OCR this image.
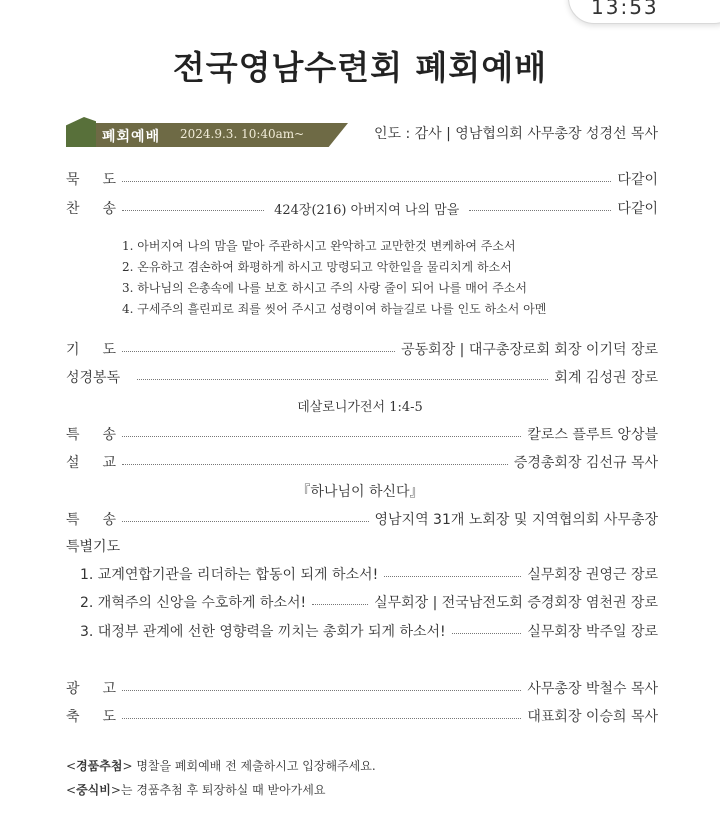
13:53
전국영남수련회 폐회예배
폐회예배 2024.9.3. 10:40am~	인도 : 감사 | 영남협의회 사무총장 성경선 목사
묵 도	다같이
찬 송	424장(216) 아버지여 나의 맘을	다같이
1. 아버지여 나의 맘을 맡아 주관하시고 완악하고 교만한것 변케하여 주소서
2. 온유하고 겸손하여 화평하게 하시고 망령되고 악한일을 물리치게 하소서
3. 하나님의 은총속에 나를 보호 하시고 주의 사랑 줄이 되어 나를 매어 주소서
4. 구세주의 흘린피로 죄를 씻어 주시고 성령이여 하늘길로 나를 인도 하소서 아멘
기 도	공동회장 | 대구총장로회 회장 이기덕 장로
성경봉독	회계 김성권 장로
데살로니가전서 1:4-5
특 송	칼로스 플루트 앙상블
설 교	증경총회장 김선규 목사
『하나님이 하신다』
특 송	영남지역 31개 노회장 및 지역협의회 사무총장
특별기도
1. 교계연합기관을 리더하는 합동이 되게 하소서!	실무회장 권영근 장로
2. 개혁주의 신앙을 수호하게 하소서!	실무회장 | 전국남전도회 증경회장 염천권 장로
3. 대정부 관계에 선한 영향력을 끼치는 총회가 되게 하소서!	실무회장 박주일 장로
광 고	사무총장 박철수 목사
축 도	대표회장 이승희 목사
<경품추첨> 명찰을 폐회예배 전 제출하시고 입장해주세요.
<중식비>는 경품추첨 후 퇴장하실 때 받아가세요
